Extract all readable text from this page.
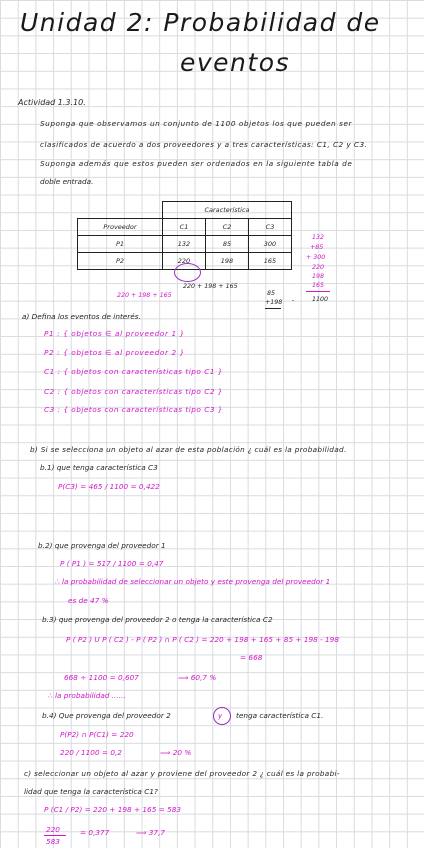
Unidad 2: Probabilidad de
eventos
Actividad 1.3.10.
Suponga que observamos un conjunto de 1100 objetos los que pueden ser
clasificados de acuerdo a dos proveedores y a tres características: C1, C2 y C3.
Suponga además que estos pueden ser ordenados en la siguiente tabla de
doble entrada.
	Característica		
Proveedor	C1	C2	C3
P1	132	85	300
P2	220	198	165
132
+85
+ 300
220
198
165
1100
220 + 198 + 165
220 + 198 + 165	85
+198 -
a) Defina los eventos de interés.
P1 : { objetos ∈ al proveedor 1 }
P2 : { objetos ∈ al proveedor 2 }
C1 : { objetos con características tipo C1 }
C2 : { objetos con características tipo C2 }
C3 : { objetos con características tipo C3 }
b) Si se selecciona un objeto al azar de esta población ¿ cuál es la probabilidad.
b.1) que tenga característica C3
P(C3) = 465 / 1100 = 0,422
b.2) que provenga del proveedor 1
P ( P1 ) = 517 / 1100 = 0,47
∴ la probabilidad de seleccionar un objeto y este provenga del proveedor 1
es de 47 %
b.3) que provenga del proveedor 2 o tenga la característica C2
P ( P2 ) U P ( C2 ) - P ( P2 ) ∩ P ( C2 ) = 220 + 198 + 165 + 85 + 198 - 198
= 668
668 ÷ 1100 = 0,607	⟹ 60,7 %
∴ la probabilidad ......
b.4) Que provenga del proveedor 2	y tenga característica C1.
P(P2) ∩ P(C1) = 220
220 / 1100 = 0,2	⟹ 20 %
c) seleccionar un objeto al azar y proviene del proveedor 2 ¿ cuál es la probabi-
lidad que tenga la característica C1?
P (C1 / P2) = 220 + 198 + 165 = 583
220
583
= 0,377	⟹ 37,7
